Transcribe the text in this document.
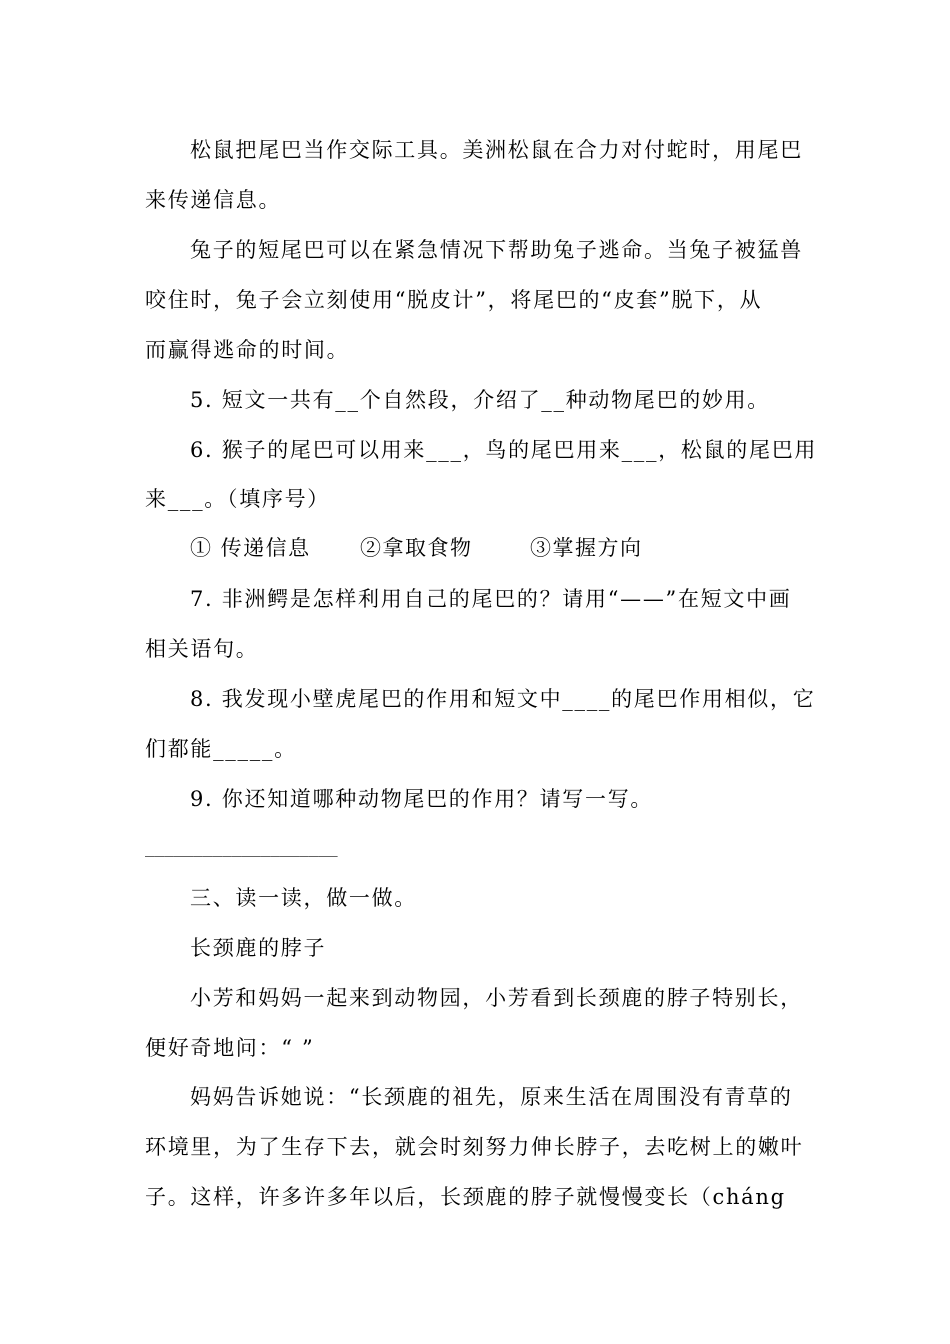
松鼠把尾巴当作交际工具。美洲松鼠在合力对付蛇时，用尾巴
来传递信息。
兔子的短尾巴可以在紧急情况下帮助兔子逃命。当兔子被猛兽
咬住时，兔子会立刻使用“脱皮计”，将尾巴的“皮套”脱下，从
而赢得逃命的时间。
5. 短文一共有__个自然段，介绍了__种动物尾巴的妙用。
6. 猴子的尾巴可以用来___，鸟的尾巴用来___，松鼠的尾巴用
来___。（填序号）
① 传递信息 ②拿取食物	③掌握方向
7. 非洲鳄是怎样利用自己的尾巴的？请用“——”在短文中画
相关语句。
8. 我发现小壁虎尾巴的作用和短文中____的尾巴作用相似，它
们都能_____。
9. 你还知道哪种动物尾巴的作用？请写一写。
____________________
三、读一读，做一做。
长颈鹿的脖子
小芳和妈妈一起来到动物园，小芳看到长颈鹿的脖子特别长，
便好奇地问：“ ”
妈妈告诉她说：“长颈鹿的祖先，原来生活在周围没有青草的
环境里，为了生存下去，就会时刻努力伸长脖子，去吃树上的嫩叶
子。这样，许多许多年以后，长颈鹿的脖子就慢慢变长（cháng
